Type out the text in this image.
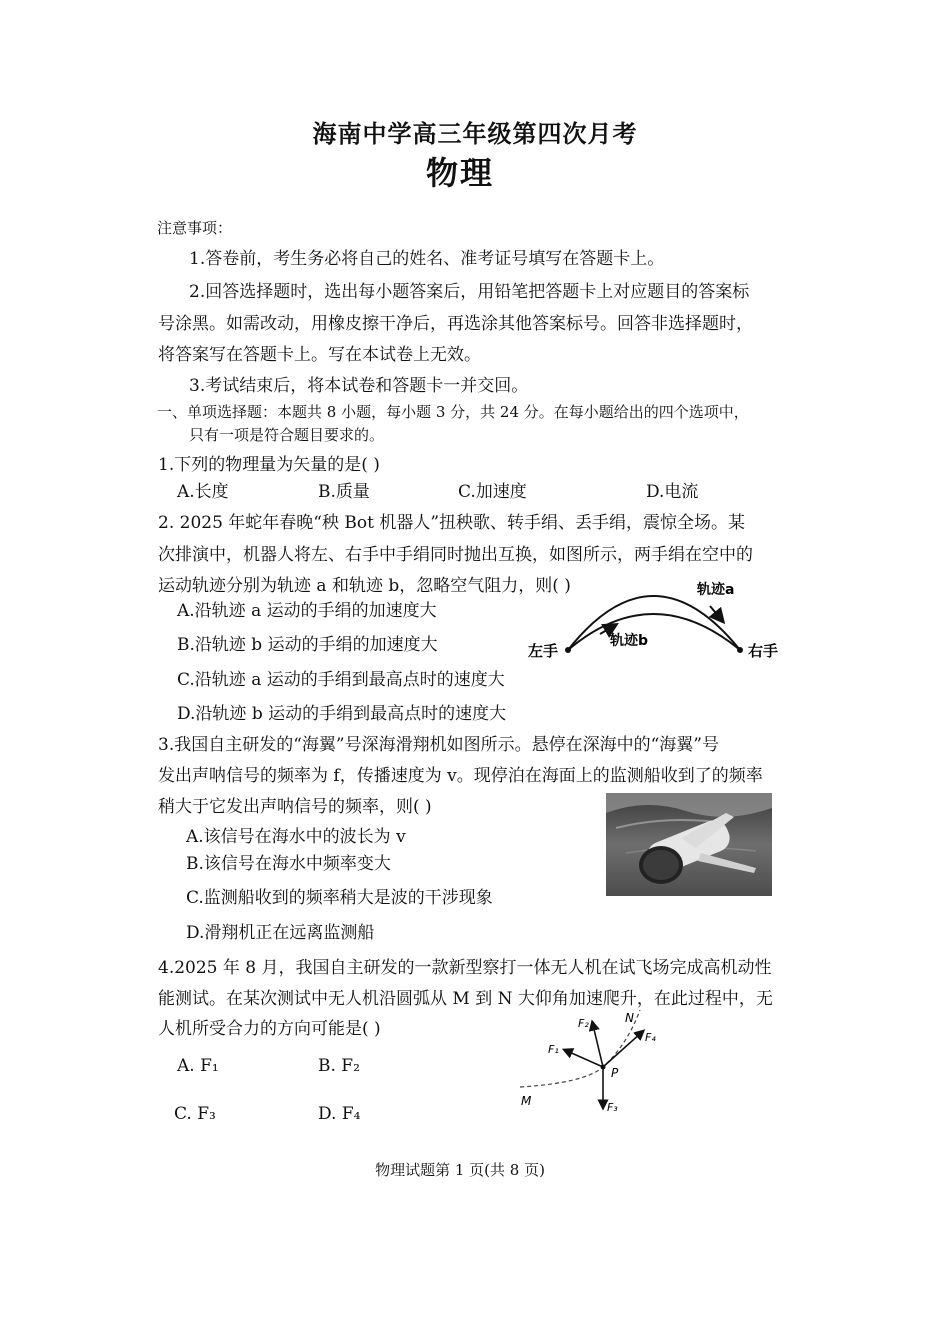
海南中学高三年级第四次月考
物理
注意事项：
1.答卷前，考生务必将自己的姓名、准考证号填写在答题卡上。
2.回答选择题时，选出每小题答案后，用铅笔把答题卡上对应题目的答案标
号涂黑。如需改动，用橡皮擦干净后，再选涂其他答案标号。回答非选择题时，
将答案写在答题卡上。写在本试卷上无效。
3.考试结束后，将本试卷和答题卡一并交回。
一、单项选择题：本题共 8 小题，每小题 3 分，共 24 分。在每小题给出的四个选项中，
只有一项是符合题目要求的。
1.下列的物理量为矢量的是( )
A.长度	B.质量	C.加速度	D.电流
2. 2025 年蛇年春晚“秧 Bot 机器人”扭秧歌、转手绢、丢手绢，震惊全场。某
次排演中，机器人将左、右手中手绢同时抛出互换，如图所示，两手绢在空中的
运动轨迹分别为轨迹 a 和轨迹 b，忽略空气阻力，则( )
A.沿轨迹 a 运动的手绢的加速度大
B.沿轨迹 b 运动的手绢的加速度大
C.沿轨迹 a 运动的手绢到最高点时的速度大
D.沿轨迹 b 运动的手绢到最高点时的速度大
轨迹a
轨迹b
左手	右手
3.我国自主研发的“海翼”号深海滑翔机如图所示。悬停在深海中的“海翼”号
发出声呐信号的频率为 f，传播速度为 v。现停泊在海面上的监测船收到了的频率
稍大于它发出声呐信号的频率，则( )
A.该信号在海水中的波长为 v
B.该信号在海水中频率变大
C.监测船收到的频率稍大是波的干涉现象
D.滑翔机正在远离监测船
4.2025 年 8 月，我国自主研发的一款新型察打一体无人机在试飞场完成高机动性
能测试。在某次测试中无人机沿圆弧从 M 到 N 大仰角加速爬升，在此过程中，无
人机所受合力的方向可能是( )
A. F₁	B. F₂
C. F₃	D. F₄
N
M
P
F₁
F₂
F₃
F₄
物理试题第 1 页(共 8 页)
